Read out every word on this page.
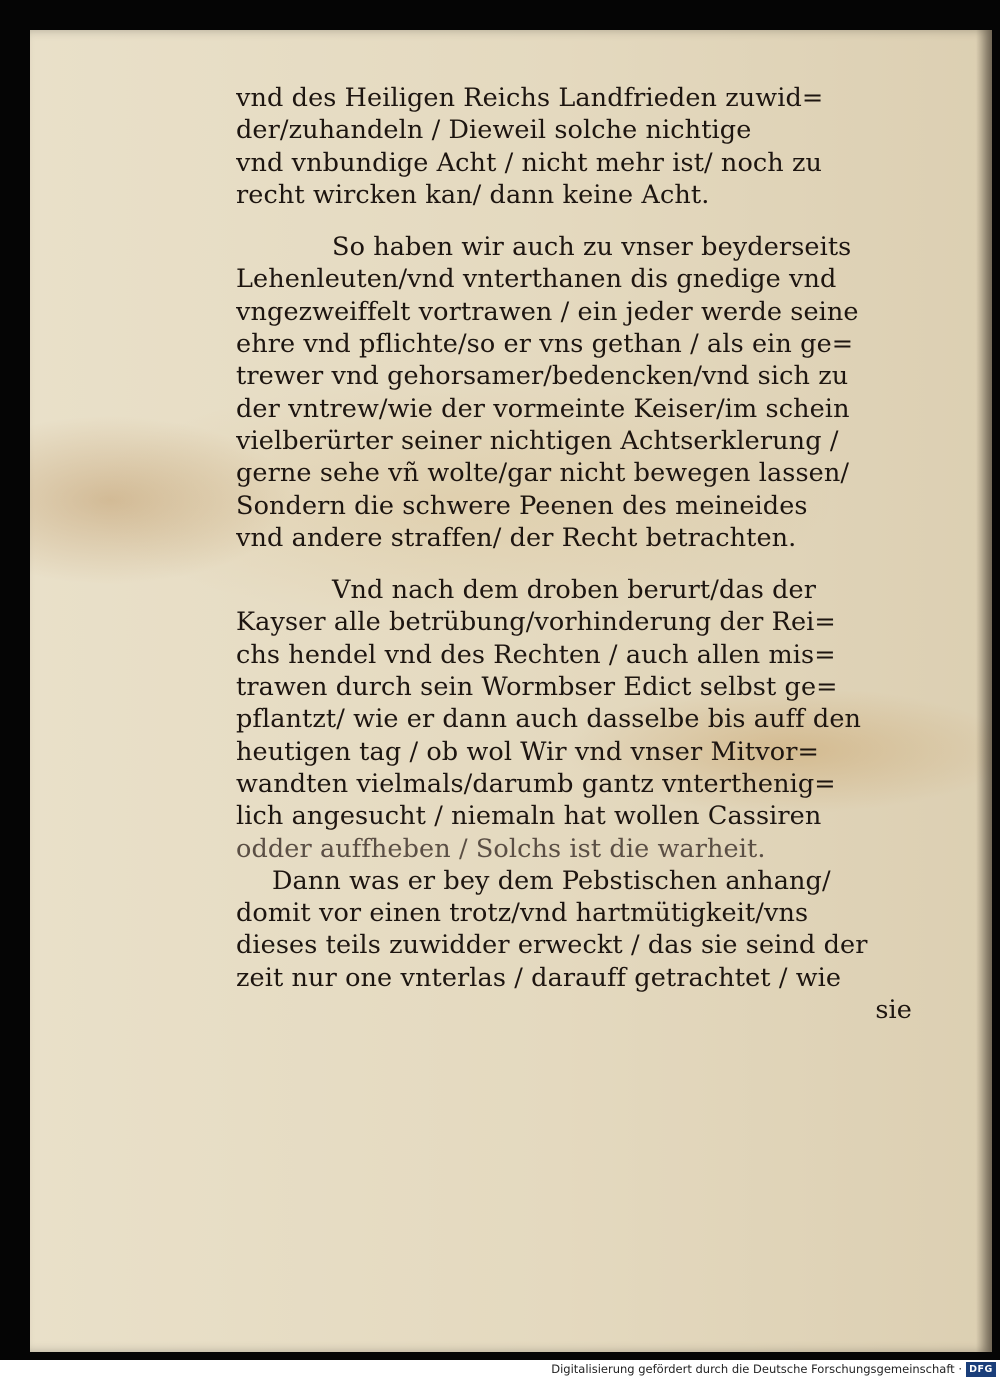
vnd des Heiligen Reichs Landfrieden zuwid=
der/zuhandeln / Dieweil solche nichtige
vnd vnbundige Acht / nicht mehr ist/ noch zu
recht wircken kan/ dann keine Acht.
So haben wir auch zu vnser beyderseits
Lehenleuten/vnd vnterthanen dis gnedige vnd
vngezweiffelt vortrawen / ein jeder werde seine
ehre vnd pflichte/so er vns gethan / als ein ge=
trewer vnd gehorsamer/bedencken/vnd sich zu
der vntrew/wie der vormeinte Keiser/im schein
vielberürter seiner nichtigen Achtserklerung /
gerne sehe vñ wolte/gar nicht bewegen lassen/
Sondern die schwere Peenen des meineides
vnd andere straffen/ der Recht betrachten.
Vnd nach dem droben berurt/das der
Kayser alle betrübung/vorhinderung der Rei=
chs hendel vnd des Rechten / auch allen mis=
trawen durch sein Wormbser Edict selbst ge=
pflantzt/ wie er dann auch dasselbe bis auff den
heutigen tag / ob wol Wir vnd vnser Mitvor=
wandten vielmals/darumb gantz vnterthenig=
lich angesucht / niemaln hat wollen Cassiren
odder auffheben / Solchs ist die warheit.
Dann was er bey dem Pebstischen anhang/
domit vor einen trotz/vnd hartmütigkeit/vns
dieses teils zuwidder erweckt / das sie seind der
zeit nur one vnterlas / darauff getrachtet / wie
sie
Digitalisierung gefördert durch die Deutsche Forschungsgemeinschaft · DFG
